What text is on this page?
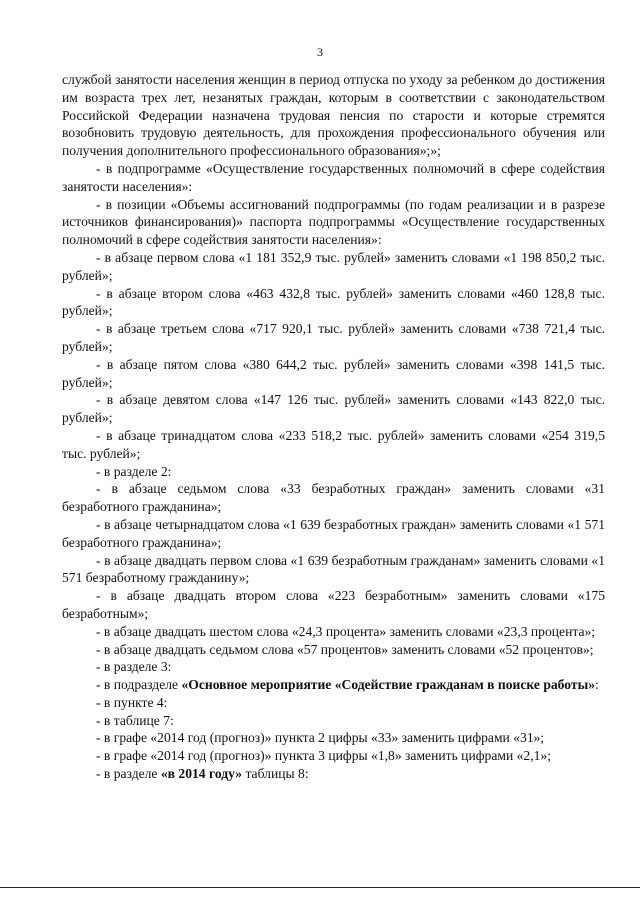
3

службой занятости населения женщин в период отпуска по уходу за ребенком до достижения им возраста трех лет, незанятых граждан, которым в соответствии с законодательством Российской Федерации назначена трудовая пенсия по старости и которые стремятся возобновить трудовую деятельность, для прохождения профессионального обучения или получения дополнительного профессионального образования»;»;

- в подпрограмме «Осуществление государственных полномочий в сфере содействия занятости населения»:

- в позиции «Объемы ассигнований подпрограммы (по годам реализации и в разрезе источников финансирования)» паспорта подпрограммы «Осуществление государственных полномочий в сфере содействия занятости населения»:

- в абзаце первом слова «1 181 352,9 тыс. рублей» заменить словами «1 198 850,2 тыс. рублей»;

- в абзаце втором слова «463 432,8 тыс. рублей» заменить словами «460 128,8 тыс. рублей»;

- в абзаце третьем слова «717 920,1 тыс. рублей» заменить словами «738 721,4 тыс. рублей»;

- в абзаце пятом слова «380 644,2 тыс. рублей» заменить словами «398 141,5 тыс. рублей»;

- в абзаце девятом слова «147 126 тыс. рублей» заменить словами «143 822,0 тыс. рублей»;

- в абзаце тринадцатом слова «233 518,2 тыс. рублей» заменить словами «254 319,5 тыс. рублей»;

- в разделе 2:

- в абзаце седьмом слова «33 безработных граждан» заменить словами «31 безработного гражданина»;

- в абзаце четырнадцатом слова «1 639 безработных граждан» заменить словами «1 571 безработного гражданина»;

- в абзаце двадцать первом слова «1 639 безработным гражданам» заменить словами «1 571 безработному гражданину»;

- в абзаце двадцать втором слова «223 безработным» заменить словами «175 безработным»;

- в абзаце двадцать шестом слова «24,3 процента» заменить словами «23,3 процента»;

- в абзаце двадцать седьмом слова «57 процентов» заменить словами «52 процентов»;

- в разделе 3:

- в подразделе «Основное мероприятие «Содействие гражданам в поиске работы»:

- в пункте 4:

- в таблице 7:

- в графе «2014 год (прогноз)» пункта 2 цифры «33» заменить цифрами «31»;

- в графе «2014 год (прогноз)» пункта 3 цифры «1,8» заменить цифрами «2,1»;

- в разделе «в 2014 году» таблицы 8:
